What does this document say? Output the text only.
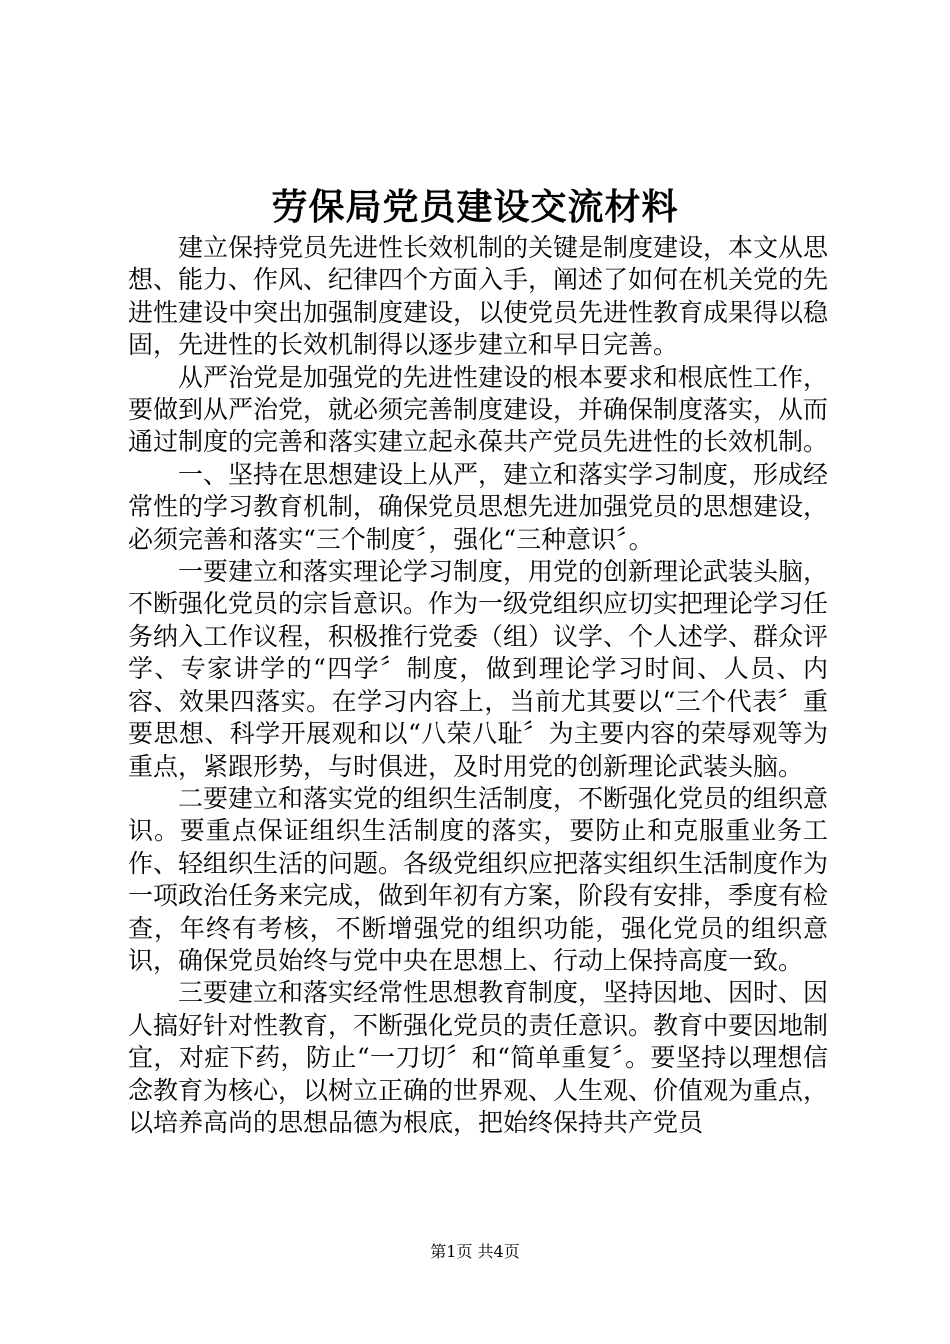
劳保局党员建设交流材料

建立保持党员先进性长效机制的关键是制度建设，本文从思想、能力、作风、纪律四个方面入手，阐述了如何在机关党的先进性建设中突出加强制度建设，以使党员先进性教育成果得以稳固，先进性的长效机制得以逐步建立和早日完善。

从严治党是加强党的先进性建设的根本要求和根底性工作，要做到从严治党，就必须完善制度建设，并确保制度落实，从而通过制度的完善和落实建立起永葆共产党员先进性的长效机制。

一、坚持在思想建设上从严，建立和落实学习制度，形成经常性的学习教育机制，确保党员思想先进加强党员的思想建设，必须完善和落实“三个制度〞，强化“三种意识〞。

一要建立和落实理论学习制度，用党的创新理论武装头脑，不断强化党员的宗旨意识。作为一级党组织应切实把理论学习任务纳入工作议程，积极推行党委（组）议学、个人述学、群众评学、专家讲学的“四学〞制度，做到理论学习时间、人员、内容、效果四落实。在学习内容上，当前尤其要以“三个代表〞重要思想、科学开展观和以“八荣八耻〞为主要内容的荣辱观等为重点，紧跟形势，与时俱进，及时用党的创新理论武装头脑。

二要建立和落实党的组织生活制度，不断强化党员的组织意识。要重点保证组织生活制度的落实，要防止和克服重业务工作、轻组织生活的问题。各级党组织应把落实组织生活制度作为一项政治任务来完成，做到年初有方案，阶段有安排，季度有检查，年终有考核，不断增强党的组织功能，强化党员的组织意识，确保党员始终与党中央在思想上、行动上保持高度一致。

三要建立和落实经常性思想教育制度，坚持因地、因时、因人搞好针对性教育，不断强化党员的责任意识。教育中要因地制宜，对症下药，防止“一刀切〞和“简单重复〞。要坚持以理想信念教育为核心，以树立正确的世界观、人生观、价值观为重点，以培养高尚的思想品德为根底，把始终保持共产党员

第1页 共4页
